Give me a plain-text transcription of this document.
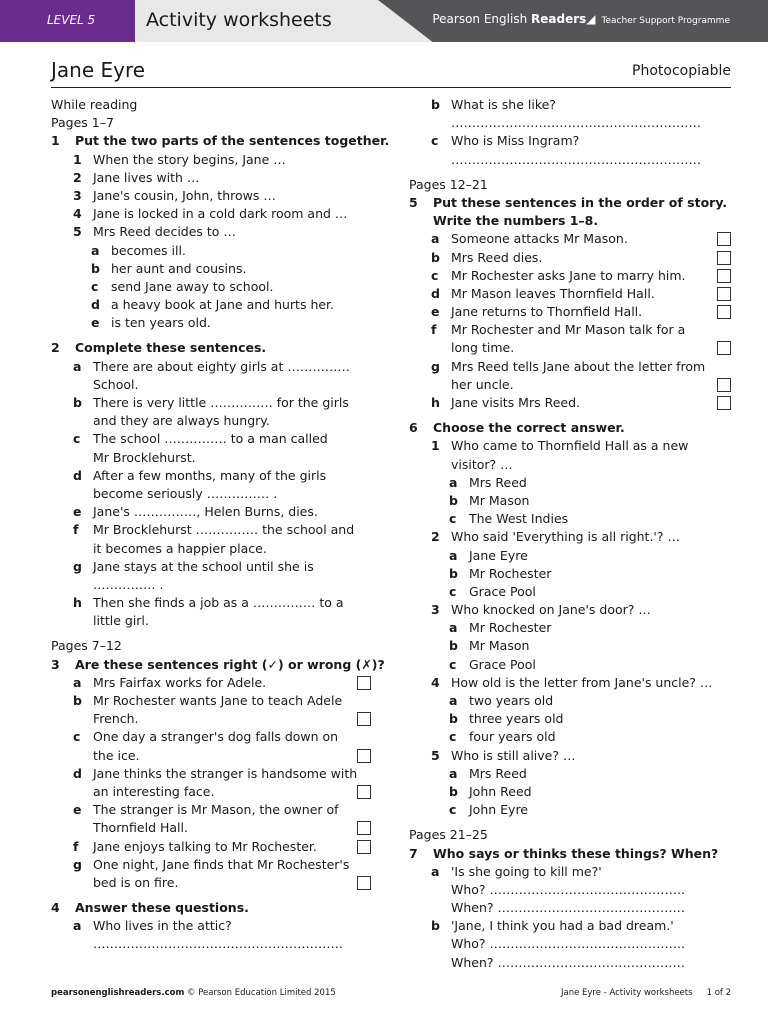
LEVEL 5	Activity worksheets	Pearson English Readers◢ Teacher Support Programme
Jane Eyre	Photocopiable
While reading
Pages 1–7
1 Put the two parts of the sentences together.
1 When the story begins, Jane …
2 Jane lives with …
3 Jane's cousin, John, throws …
4 Jane is locked in a cold dark room and …
5 Mrs Reed decides to …
a becomes ill.
b her aunt and cousins.
c send Jane away to school.
d a heavy book at Jane and hurts her.
e is ten years old.
2 Complete these sentences.
a There are about eighty girls at ……………
School.
b There is very little …………… for the girls
and they are always hungry.
c The school …………… to a man called
Mr Brocklehurst.
d After a few months, many of the girls
become seriously …………… .
e Jane's ……………, Helen Burns, dies.
f Mr Brocklehurst …………… the school and
it becomes a happier place.
g Jane stays at the school until she is
…………… .
h Then she finds a job as a …………… to a
little girl.
Pages 7–12
3 Are these sentences right (✓) or wrong (✗)?
a Mrs Fairfax works for Adele.
b Mr Rochester wants Jane to teach Adele
French.
c One day a stranger's dog falls down on
the ice.
d Jane thinks the stranger is handsome with
an interesting face.
e The stranger is Mr Mason, the owner of
Thornfield Hall.
f Jane enjoys talking to Mr Rochester.
g One night, Jane finds that Mr Rochester's
bed is on fire.
4 Answer these questions.
a Who lives in the attic?
……………………………………………………
b What is she like?
……………………………………………………
c Who is Miss Ingram?
……………………………………………………
Pages 12–21
5 Put these sentences in the order of story.
Write the numbers 1–8.
a Someone attacks Mr Mason.
b Mrs Reed dies.
c Mr Rochester asks Jane to marry him.
d Mr Mason leaves Thornfield Hall.
e Jane returns to Thornfield Hall.
f Mr Rochester and Mr Mason talk for a
long time.
g Mrs Reed tells Jane about the letter from
her uncle.
h Jane visits Mrs Reed.
6 Choose the correct answer.
1 Who came to Thornfield Hall as a new
visitor? …
a Mrs Reed
b Mr Mason
c The West Indies
2 Who said 'Everything is all right.'? …
a Jane Eyre
b Mr Rochester
c Grace Pool
3 Who knocked on Jane's door? …
a Mr Rochester
b Mr Mason
c Grace Pool
4 How old is the letter from Jane's uncle? …
a two years old
b three years old
c four years old
5 Who is still alive? …
a Mrs Reed
b John Reed
c John Eyre
Pages 21–25
7 Who says or thinks these things? When?
a 'Is she going to kill me?'
Who? ………………………………………..
When? ………………………………………
b 'Jane, I think you had a bad dream.'
Who? ………………………………………..
When? ………………………………………
pearsonenglishreaders.com © Pearson Education Limited 2015	Jane Eyre - Activity worksheets 1 of 2
